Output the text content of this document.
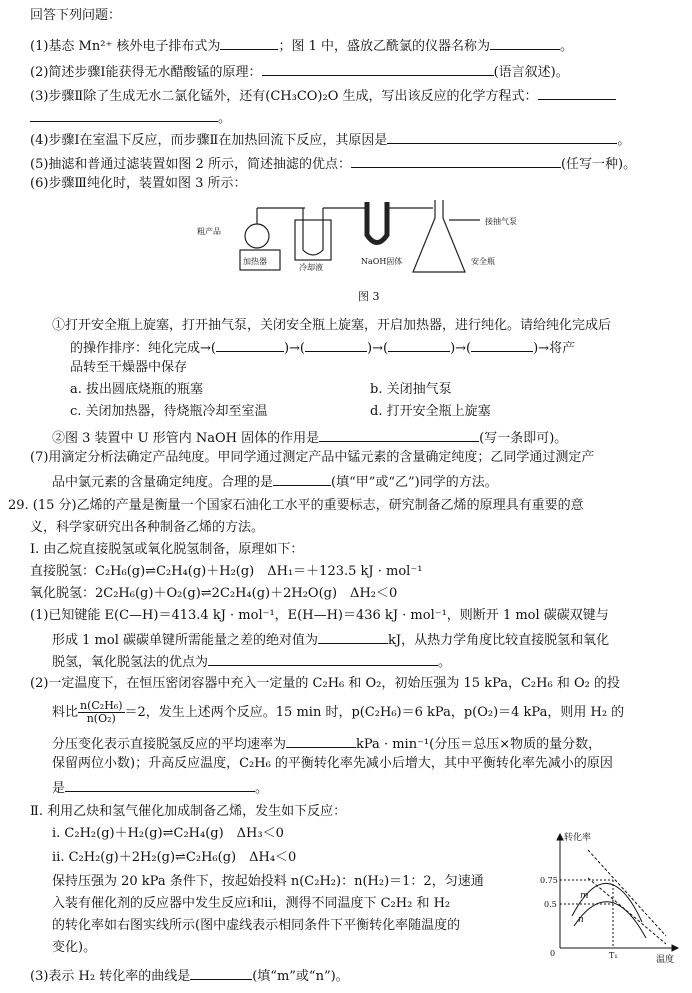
回答下列问题：
(1)基态 Mn²⁺ 核外电子排布式为	；图 1 中，盛放乙酰氯的仪器名称为	。
(2)简述步骤Ⅰ能获得无水醋酸锰的原理：	(语言叙述)。
(3)步骤Ⅱ除了生成无水二氯化锰外，还有(CH₃CO)₂O 生成，写出该反应的化学方程式：
。
(4)步骤Ⅰ在室温下反应，而步骤Ⅱ在加热回流下反应，其原因是	。
(5)抽滤和普通过滤装置如图 2 所示，简述抽滤的优点：	(任写一种)。
(6)步骤Ⅲ纯化时，装置如图 3 所示：
粗产品
加热器
冷却液
NaOH固体	安全瓶
接抽气泵
图 3
①打开安全瓶上旋塞，打开抽气泵，关闭安全瓶上旋塞，开启加热器，进行纯化。请给纯化完成后
的操作排序：纯化完成→(	)→(	)→(	)→(	)→将产
品转至干燥器中保存
a. 拔出圆底烧瓶的瓶塞	b. 关闭抽气泵
c. 关闭加热器，待烧瓶冷却至室温	d. 打开安全瓶上旋塞
②图 3 装置中 U 形管内 NaOH 固体的作用是	(写一条即可)。
(7)用滴定分析法确定产品纯度。甲同学通过测定产品中锰元素的含量确定纯度；乙同学通过测定产
品中氯元素的含量确定纯度。合理的是	(填“甲”或“乙”)同学的方法。
29. (15 分)乙烯的产量是衡量一个国家石油化工水平的重要标志，研究制备乙烯的原理具有重要的意
义，科学家研究出各种制备乙烯的方法。
Ⅰ. 由乙烷直接脱氢或氧化脱氢制备，原理如下：
直接脱氢：C₂H₆(g)⇌C₂H₄(g)＋H₂(g)　ΔH₁＝＋123.5 kJ · mol⁻¹
氧化脱氢：2C₂H₆(g)＋O₂(g)⇌2C₂H₄(g)＋2H₂O(g)　ΔH₂＜0
(1)已知键能 E(C—H)＝413.4 kJ · mol⁻¹，E(H—H)＝436 kJ · mol⁻¹，则断开 1 mol 碳碳双键与
形成 1 mol 碳碳单键所需能量之差的绝对值为	kJ，从热力学角度比较直接脱氢和氧化
脱氢，氧化脱氢法的优点为	。
(2)一定温度下，在恒压密闭容器中充入一定量的 C₂H₆ 和 O₂，初始压强为 15 kPa，C₂H₆ 和 O₂ 的投
料比 $\frac{\text{n(C₂H₆)}}{\text{n(O₂)}} =2$，发生上述两个反应。15 min 时，p(C₂H₆)＝6 kPa，p(O₂)＝4 kPa，则用 H₂ 的
分压变化表示直接脱氢反应的平均速率为	kPa · min⁻¹(分压＝总压×物质的量分数，
保留两位小数)；升高反应温度，C₂H₆ 的平衡转化率先减小后增大，其中平衡转化率先减小的原因
是	。
Ⅱ. 利用乙炔和氢气催化加成制备乙烯，发生如下反应：
ⅰ. C₂H₂(g)＋H₂(g)⇌C₂H₄(g)　ΔH₃＜0
ⅱ. C₂H₂(g)＋2H₂(g)⇌C₂H₆(g)　ΔH₄＜0
保持压强为 20 kPa 条件下，按起始投料 n(C₂H₂)：n(H₂)＝1：2，匀速通
入装有催化剂的反应器中发生反应ⅰ和ⅱ，测得不同温度下 C₂H₂ 和 H₂
的转化率如右图实线所示(图中虚线表示相同条件下平衡转化率随温度的
变化)。
(3)表示 H₂ 转化率的曲线是	(填“m”或“n”)。
转化率
温度
0.75
0.5
0	T₁
m
n
